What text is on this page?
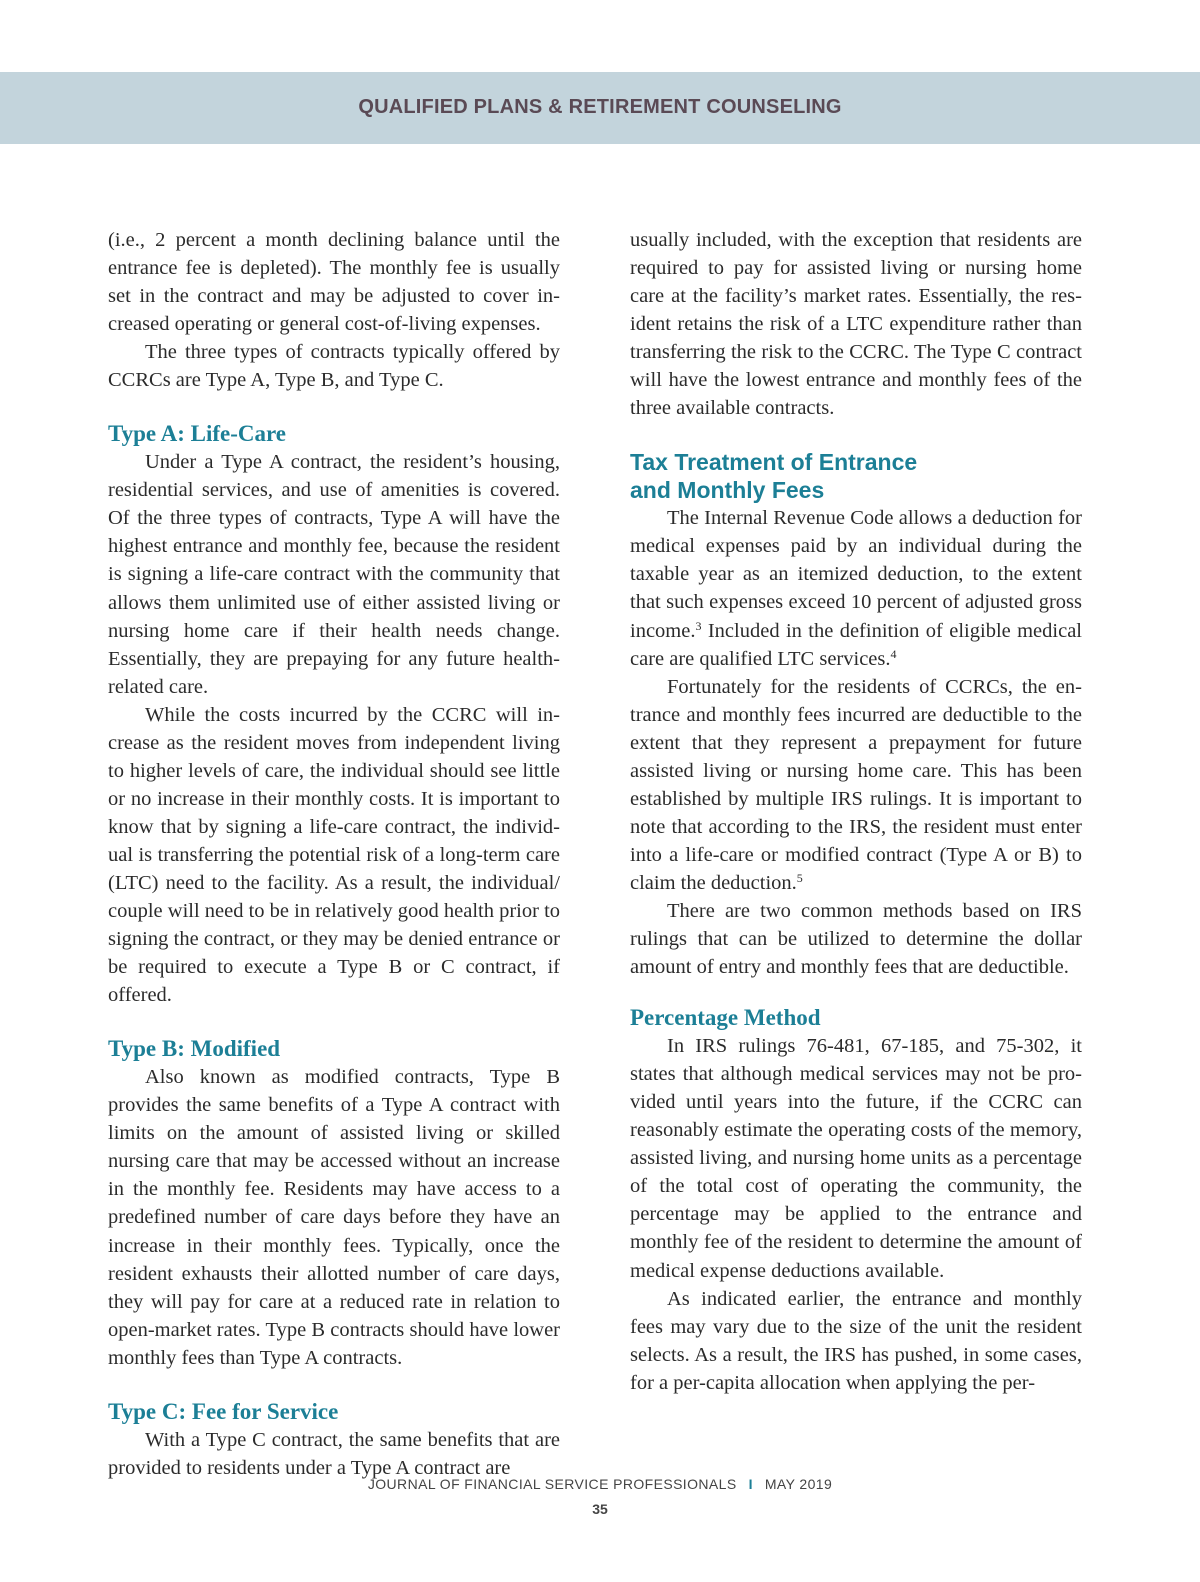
QUALIFIED PLANS & RETIREMENT COUNSELING

(i.e., 2 percent a month declining balance until the entrance fee is depleted). The monthly fee is usually set in the contract and may be adjusted to cover increased operating or general cost-of-living expenses.

The three types of contracts typically offered by CCRCs are Type A, Type B, and Type C.

Type A: Life-Care

Under a Type A contract, the resident’s housing, residential services, and use of amenities is covered. Of the three types of contracts, Type A will have the highest entrance and monthly fee, because the resident is signing a life-care contract with the community that allows them unlimited use of either assisted living or nursing home care if their health needs change. Essentially, they are prepaying for any future health-related care.

While the costs incurred by the CCRC will increase as the resident moves from independent living to higher levels of care, the individual should see little or no increase in their monthly costs. It is important to know that by signing a life-care contract, the individual is transferring the potential risk of a long-term care (LTC) need to the facility. As a result, the individual/ couple will need to be in relatively good health prior to signing the contract, or they may be denied entrance or be required to execute a Type B or C contract, if offered.

Type B: Modified

Also known as modified contracts, Type B provides the same benefits of a Type A contract with limits on the amount of assisted living or skilled nursing care that may be accessed without an increase in the monthly fee. Residents may have access to a predefined number of care days before they have an increase in their monthly fees. Typically, once the resident exhausts their allotted number of care days, they will pay for care at a reduced rate in relation to open-market rates. Type B contracts should have lower monthly fees than Type A contracts.

Type C: Fee for Service

With a Type C contract, the same benefits that are provided to residents under a Type A contract are

usually included, with the exception that residents are required to pay for assisted living or nursing home care at the facility’s market rates. Essentially, the resident retains the risk of a LTC expenditure rather than transferring the risk to the CCRC. The Type C contract will have the lowest entrance and monthly fees of the three available contracts.

Tax Treatment of Entrance
and Monthly Fees

The Internal Revenue Code allows a deduction for medical expenses paid by an individual during the taxable year as an itemized deduction, to the extent that such expenses exceed 10 percent of adjusted gross income.$^3$ Included in the definition of eligible medical care are qualified LTC services.$^4$

Fortunately for the residents of CCRCs, the entrance and monthly fees incurred are deductible to the extent that they represent a prepayment for future assisted living or nursing home care. This has been established by multiple IRS rulings. It is important to note that according to the IRS, the resident must enter into a life-care or modified contract (Type A or B) to claim the deduction.$^5$

There are two common methods based on IRS rulings that can be utilized to determine the dollar amount of entry and monthly fees that are deductible.

Percentage Method

In IRS rulings 76-481, 67-185, and 75-302, it states that although medical services may not be provided until years into the future, if the CCRC can reasonably estimate the operating costs of the memory, assisted living, and nursing home units as a percentage of the total cost of operating the community, the percentage may be applied to the entrance and monthly fee of the resident to determine the amount of medical expense deductions available.

As indicated earlier, the entrance and monthly fees may vary due to the size of the unit the resident selects. As a result, the IRS has pushed, in some cases, for a per-capita allocation when applying the per-

JOURNAL OF FINANCIAL SERVICE PROFESSIONALS I MAY 2019
35
